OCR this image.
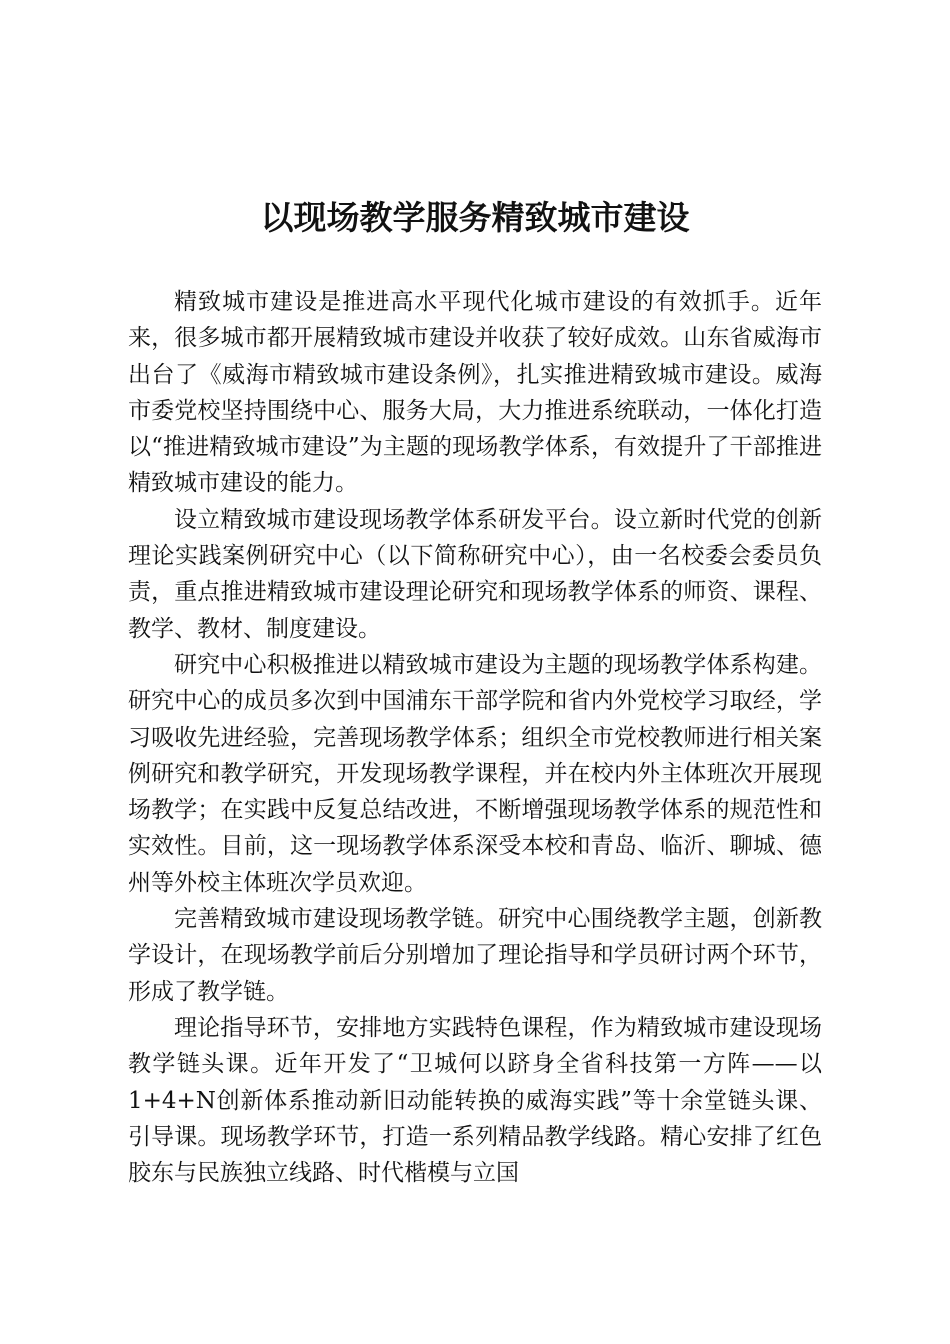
以现场教学服务精致城市建设

精致城市建设是推进高水平现代化城市建设的有效抓手。近年来，很多城市都开展精致城市建设并收获了较好成效。山东省威海市出台了《威海市精致城市建设条例》，扎实推进精致城市建设。威海市委党校坚持围绕中心、服务大局，大力推进系统联动，一体化打造以“推进精致城市建设”为主题的现场教学体系，有效提升了干部推进精致城市建设的能力。

设立精致城市建设现场教学体系研发平台。设立新时代党的创新理论实践案例研究中心（以下简称研究中心），由一名校委会委员负责，重点推进精致城市建设理论研究和现场教学体系的师资、课程、教学、教材、制度建设。

研究中心积极推进以精致城市建设为主题的现场教学体系构建。研究中心的成员多次到中国浦东干部学院和省内外党校学习取经，学习吸收先进经验，完善现场教学体系；组织全市党校教师进行相关案例研究和教学研究，开发现场教学课程，并在校内外主体班次开展现场教学；在实践中反复总结改进，不断增强现场教学体系的规范性和实效性。目前，这一现场教学体系深受本校和青岛、临沂、聊城、德州等外校主体班次学员欢迎。

完善精致城市建设现场教学链。研究中心围绕教学主题，创新教学设计，在现场教学前后分别增加了理论指导和学员研讨两个环节，形成了教学链。

理论指导环节，安排地方实践特色课程，作为精致城市建设现场教学链头课。近年开发了“卫城何以跻身全省科技第一方阵——以1+4+N创新体系推动新旧动能转换的威海实践”等十余堂链头课、引导课。现场教学环节，打造一系列精品教学线路。精心安排了红色胶东与民族独立线路、时代楷模与立国
